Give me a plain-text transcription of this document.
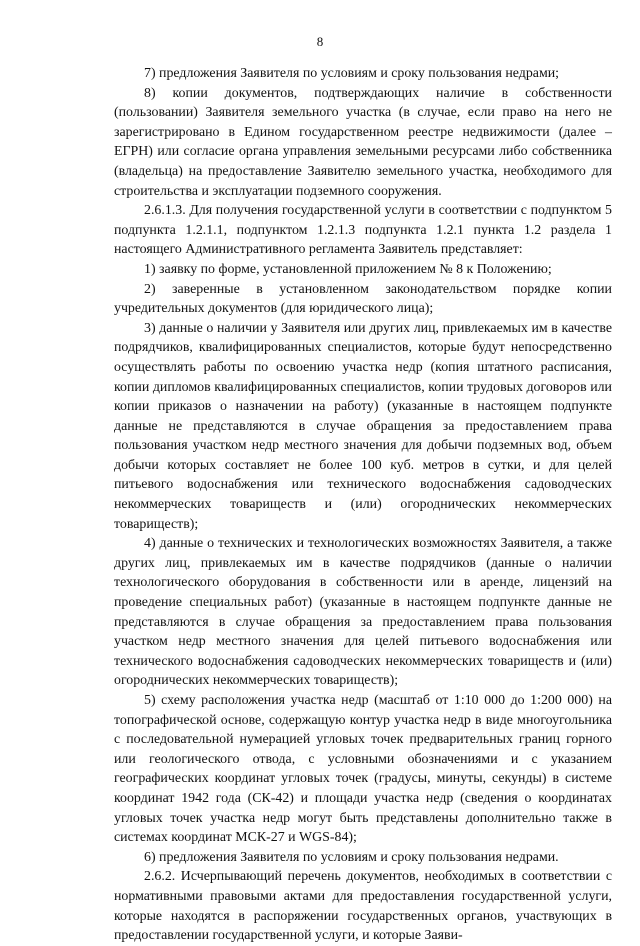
8

7) предложения Заявителя по условиям и сроку пользования недрами;

8) копии документов, подтверждающих наличие в собственности (пользовании) Заявителя земельного участка (в случае, если право на него не зарегистрировано в Едином государственном реестре недвижимости (далее – ЕГРН) или согласие органа управления земельными ресурсами либо собственника (владельца) на предоставление Заявителю земельного участка, необходимого для строительства и эксплуатации подземного сооружения.

2.6.1.3. Для получения государственной услуги в соответствии с подпунктом 5 подпункта 1.2.1.1, подпунктом 1.2.1.3 подпункта 1.2.1 пункта 1.2 раздела 1 настоящего Административного регламента Заявитель представляет:

1) заявку по форме, установленной приложением № 8 к Положению;

2) заверенные в установленном законодательством порядке копии учредительных документов (для юридического лица);

3) данные о наличии у Заявителя или других лиц, привлекаемых им в качестве подрядчиков, квалифицированных специалистов, которые будут непосредственно осуществлять работы по освоению участка недр (копия штатного расписания, копии дипломов квалифицированных специалистов, копии трудовых договоров или копии приказов о назначении на работу) (указанные в настоящем подпункте данные не представляются в случае обращения за предоставлением права пользования участком недр местного значения для добычи подземных вод, объем добычи которых составляет не более 100 куб. метров в сутки, и для целей питьевого водоснабжения или технического водоснабжения садоводческих некоммерческих товариществ и (или) огороднических некоммерческих товариществ);

4) данные о технических и технологических возможностях Заявителя, а также других лиц, привлекаемых им в качестве подрядчиков (данные о наличии технологического оборудования в собственности или в аренде, лицензий на проведение специальных работ) (указанные в настоящем подпункте данные не представляются в случае обращения за предоставлением права пользования участком недр местного значения для целей питьевого водоснабжения или технического водоснабжения садоводческих некоммерческих товариществ и (или) огороднических некоммерческих товариществ);

5) схему расположения участка недр (масштаб от 1:10 000 до 1:200 000) на топографической основе, содержащую контур участка недр в виде многоугольника с последовательной нумерацией угловых точек предварительных границ горного или геологического отвода, с условными обозначениями и с указанием географических координат угловых точек (градусы, минуты, секунды) в системе координат 1942 года (СК-42) и площади участка недр (сведения о координатах угловых точек участка недр могут быть представлены дополнительно также в системах координат МСК-27 и WGS-84);

6) предложения Заявителя по условиям и сроку пользования недрами.

2.6.2. Исчерпывающий перечень документов, необходимых в соответствии с нормативными правовыми актами для предоставления государственной услуги, которые находятся в распоряжении государственных органов, участвующих в предоставлении государственной услуги, и которые Заяви-
